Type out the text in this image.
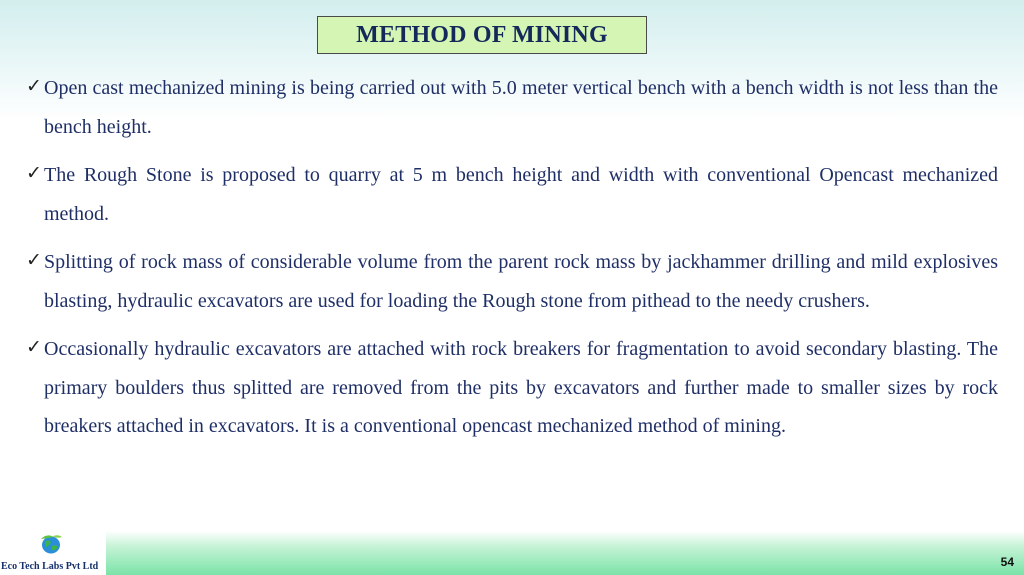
METHOD OF MINING
✓ Open cast mechanized mining is being carried out with 5.0 meter vertical bench with a bench width is not less than the bench height.
✓ The Rough Stone is proposed to quarry at 5 m bench height and width with conventional Opencast mechanized method.
✓ Splitting of rock mass of considerable volume from the parent rock mass by jackhammer drilling and mild explosives blasting, hydraulic excavators are used for loading the Rough stone from pithead to the needy crushers.
✓ Occasionally hydraulic excavators are attached with rock breakers for fragmentation to avoid secondary blasting. The primary boulders thus splitted are removed from the pits by excavators and further made to smaller sizes by rock breakers attached in excavators. It is a conventional opencast mechanized method of mining.
Eco Tech Labs Pvt Ltd	54
